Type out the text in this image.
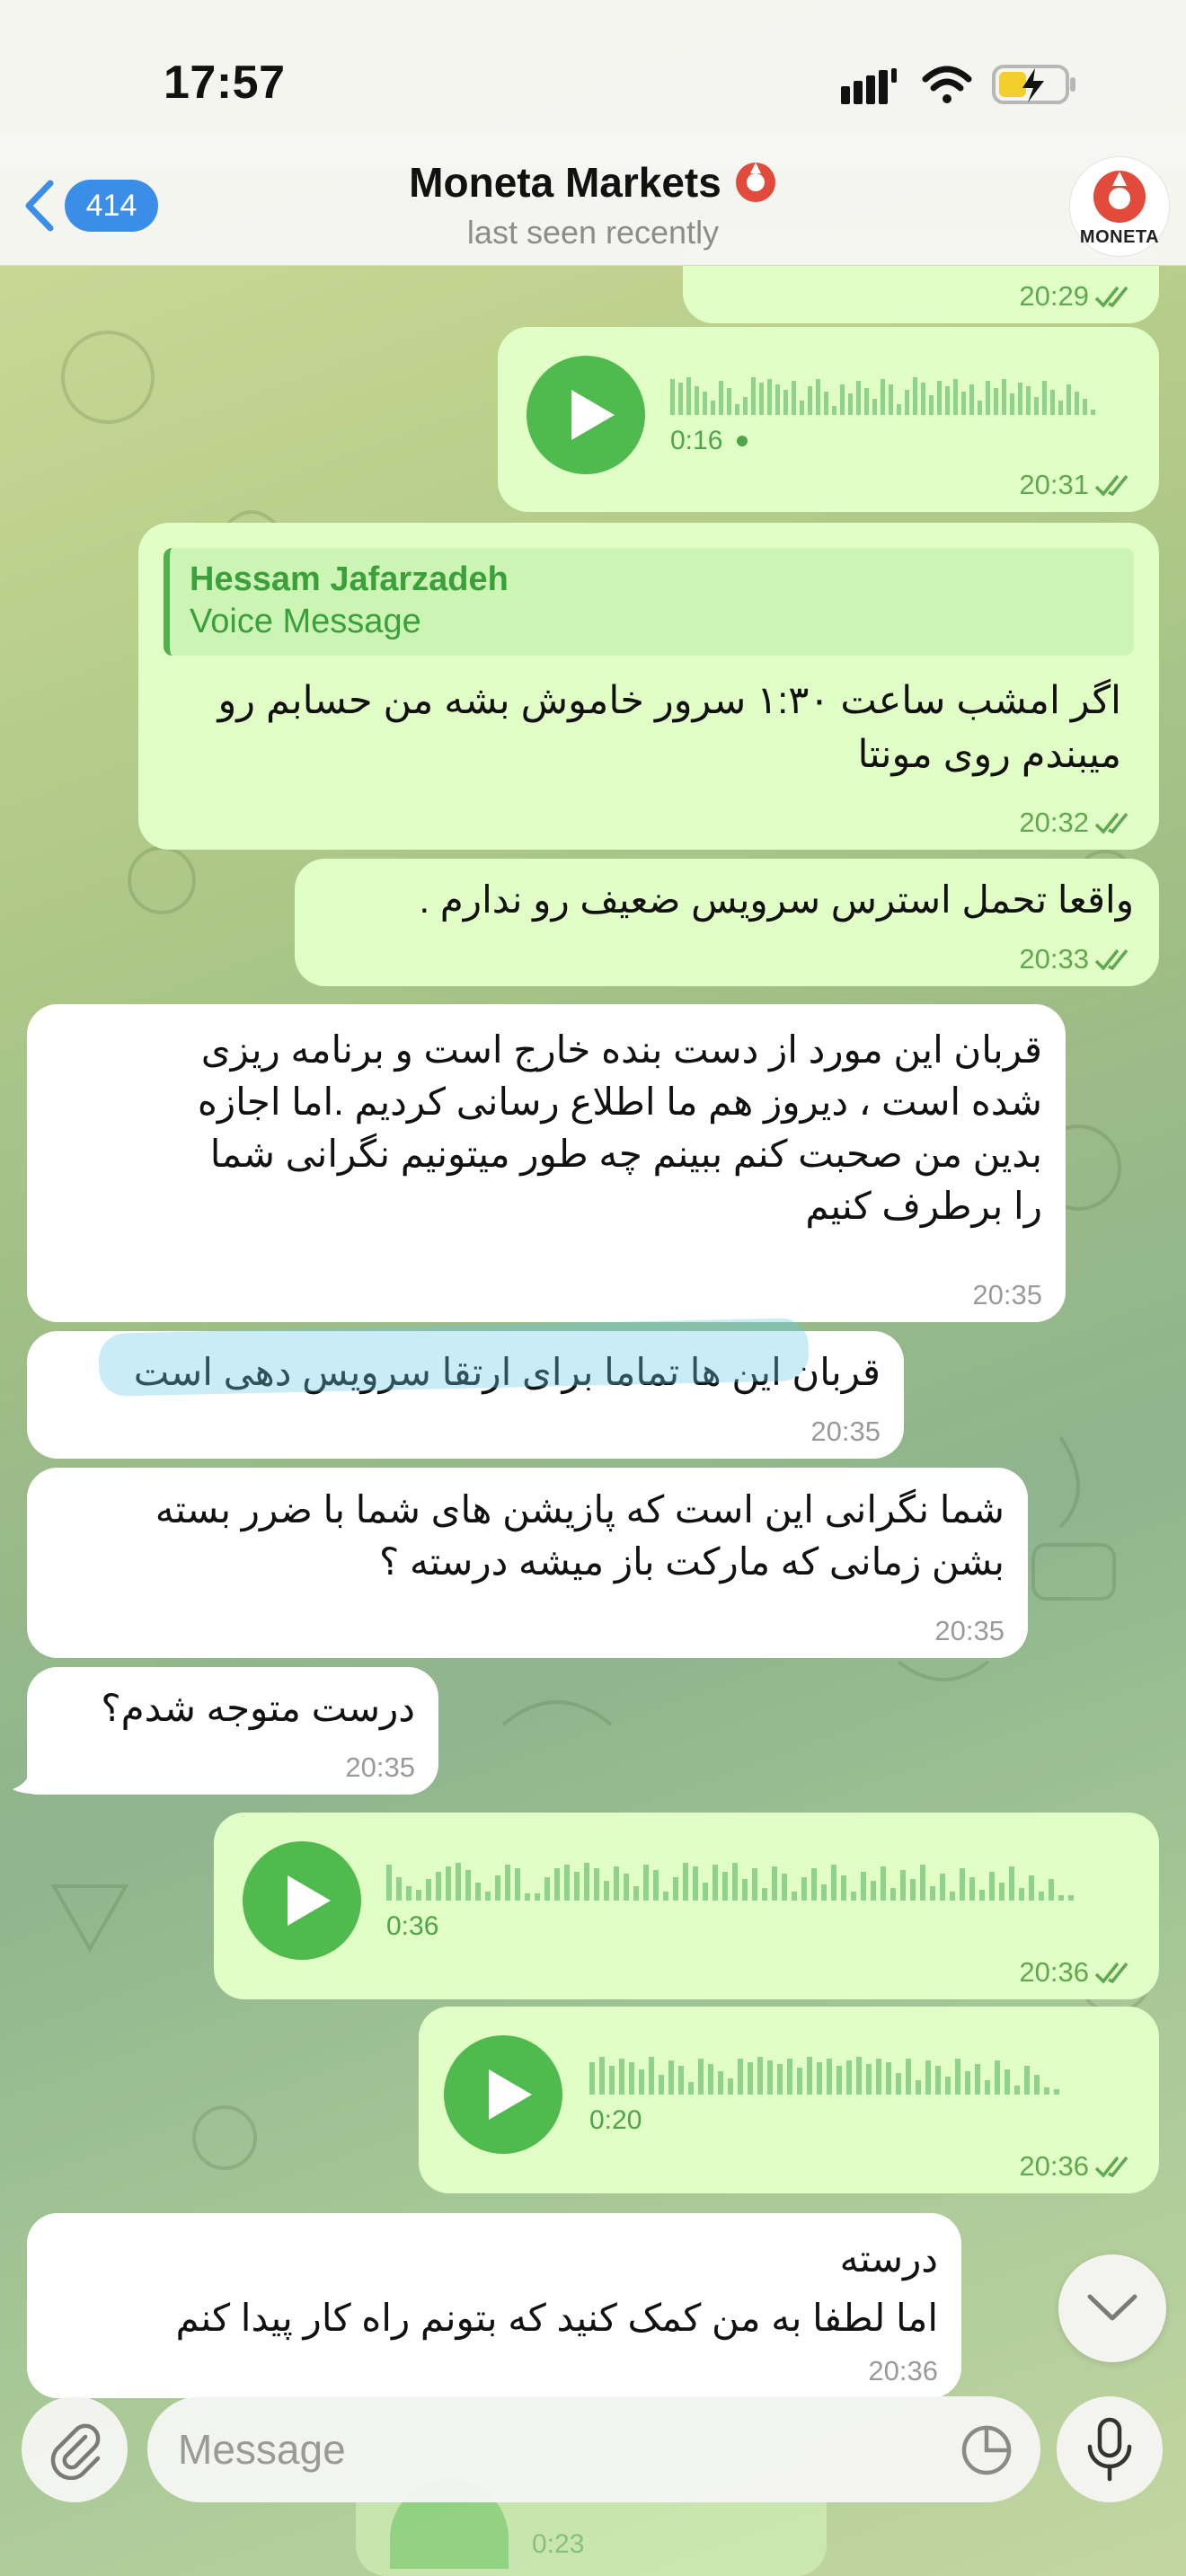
17:57
414	Moneta Markets
last seen recently	MONETA
20:29
0:16
20:31
Hessam Jafarzadeh
Voice Message
اگر امشب ساعت ۱:۳۰ سرور خاموش بشه من حسابم رو
میبندم روی مونتا
20:32
واقعا تحمل استرس سرویس ضعیف رو ندارم .
20:33
قربان این مورد از دست بنده خارج است و برنامه ریزی
شده است ، دیروز هم ما اطلاع رسانی کردیم .اما اجازه
بدین من صحبت کنم ببینم چه طور میتونیم نگرانی شما
را برطرف کنیم
20:35
قربان این ها تماما برای ارتقا سرویس دهی است
20:35
شما نگرانی این است که پازیشن های شما با ضرر بسته
بشن زمانی که مارکت باز میشه درسته ؟
20:35
درست متوجه شدم؟
20:35
0:36
20:36
0:20
20:36
درسته
اما لطفا به من کمک کنید که بتونم راه کار پیدا کنم
20:36
0:23
Message
